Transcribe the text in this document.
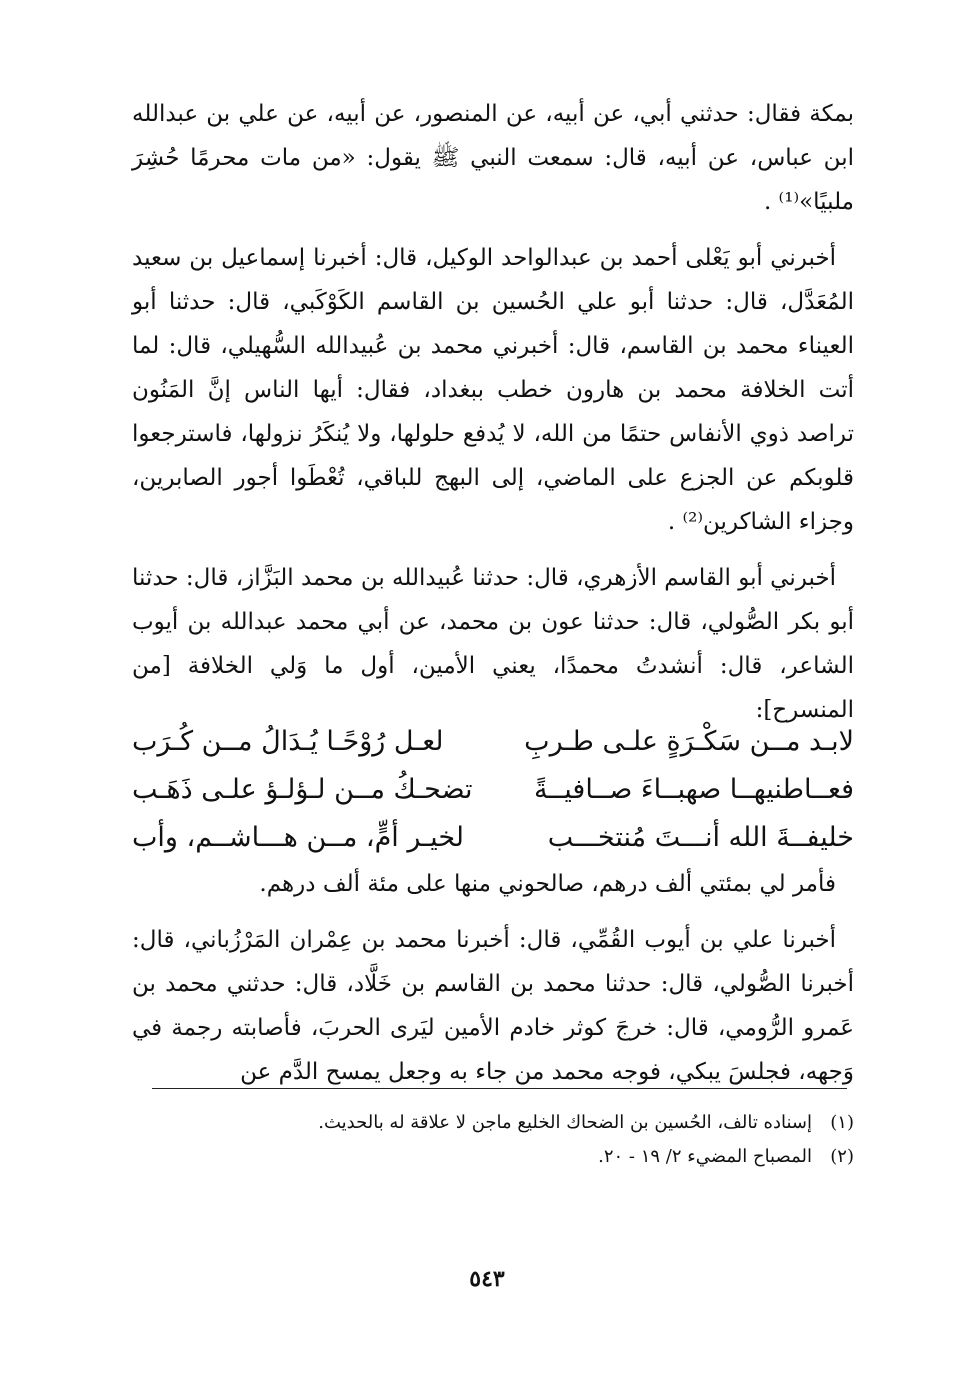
بمكة فقال: حدثني أبي، عن أبيه، عن المنصور، عن أبيه، عن علي بن عبدالله ابن عباس، عن أبيه، قال: سمعت النبي ﷺ يقول: «من مات محرمًا حُشِرَ ملبيًا»⁽¹⁾ .

أخبرني أبو يَعْلى أحمد بن عبدالواحد الوكيل، قال: أخبرنا إسماعيل بن سعيد المُعَدَّل، قال: حدثنا أبو علي الحُسين بن القاسم الكَوْكَبي، قال: حدثنا أبو العيناء محمد بن القاسم، قال: أخبرني محمد بن عُبيدالله السُّهيلي، قال: لما أتت الخلافة محمد بن هارون خطب ببغداد، فقال: أيها الناس إنَّ المَنُون تراصد ذوي الأنفاس حتمًا من الله، لا يُدفع حلولها، ولا يُنكَرُ نزولها، فاسترجعوا قلوبكم عن الجزع على الماضي، إلى البهج للباقي، تُعْطَوا أجور الصابرين، وجزاء الشاكرين⁽²⁾ .

أخبرني أبو القاسم الأزهري، قال: حدثنا عُبيدالله بن محمد البَزَّاز، قال: حدثنا أبو بكر الصُّولي، قال: حدثنا عون بن محمد، عن أبي محمد عبدالله بن أيوب الشاعر، قال: أنشدتُ محمدًا، يعني الأمين، أول ما وَلي الخلافة [من المنسرح]:

لابـد مــن سَكْـرَةٍ علـى طـربِ
لعـل رُوْحًـا يُـدَالُ مــن كُـرَب
فعــاطنيهــا صهبــاءَ صــافيــةً
تضحـكُ مــن لـؤلـؤ علـى ذَهَـب
خليفــةَ الله أنـــتَ مُنتخـــب
لخيـر أمٍّ، مــن هـــاشــم، وأب

فأمر لي بمئتي ألف درهم، صالحوني منها على مئة ألف درهم.

أخبرنا علي بن أيوب القُمِّي، قال: أخبرنا محمد بن عِمْران المَرْزُباني، قال: أخبرنا الصُّولي، قال: حدثنا محمد بن القاسم بن خَلَّاد، قال: حدثني محمد بن عَمرو الرُّومي، قال: خرجَ كوثر خادم الأمين ليَرى الحربَ، فأصابته رجمة في وَجهه، فجلسَ يبكي، فوجه محمد من جاء به وجعل يمسح الدَّم عن

(١)إسناده تالف، الحُسين بن الضحاك الخليع ماجن لا علاقة له بالحديث.

(٢)المصباح المضيء ٢/ ١٩ - ٢٠.

٥٤٣
